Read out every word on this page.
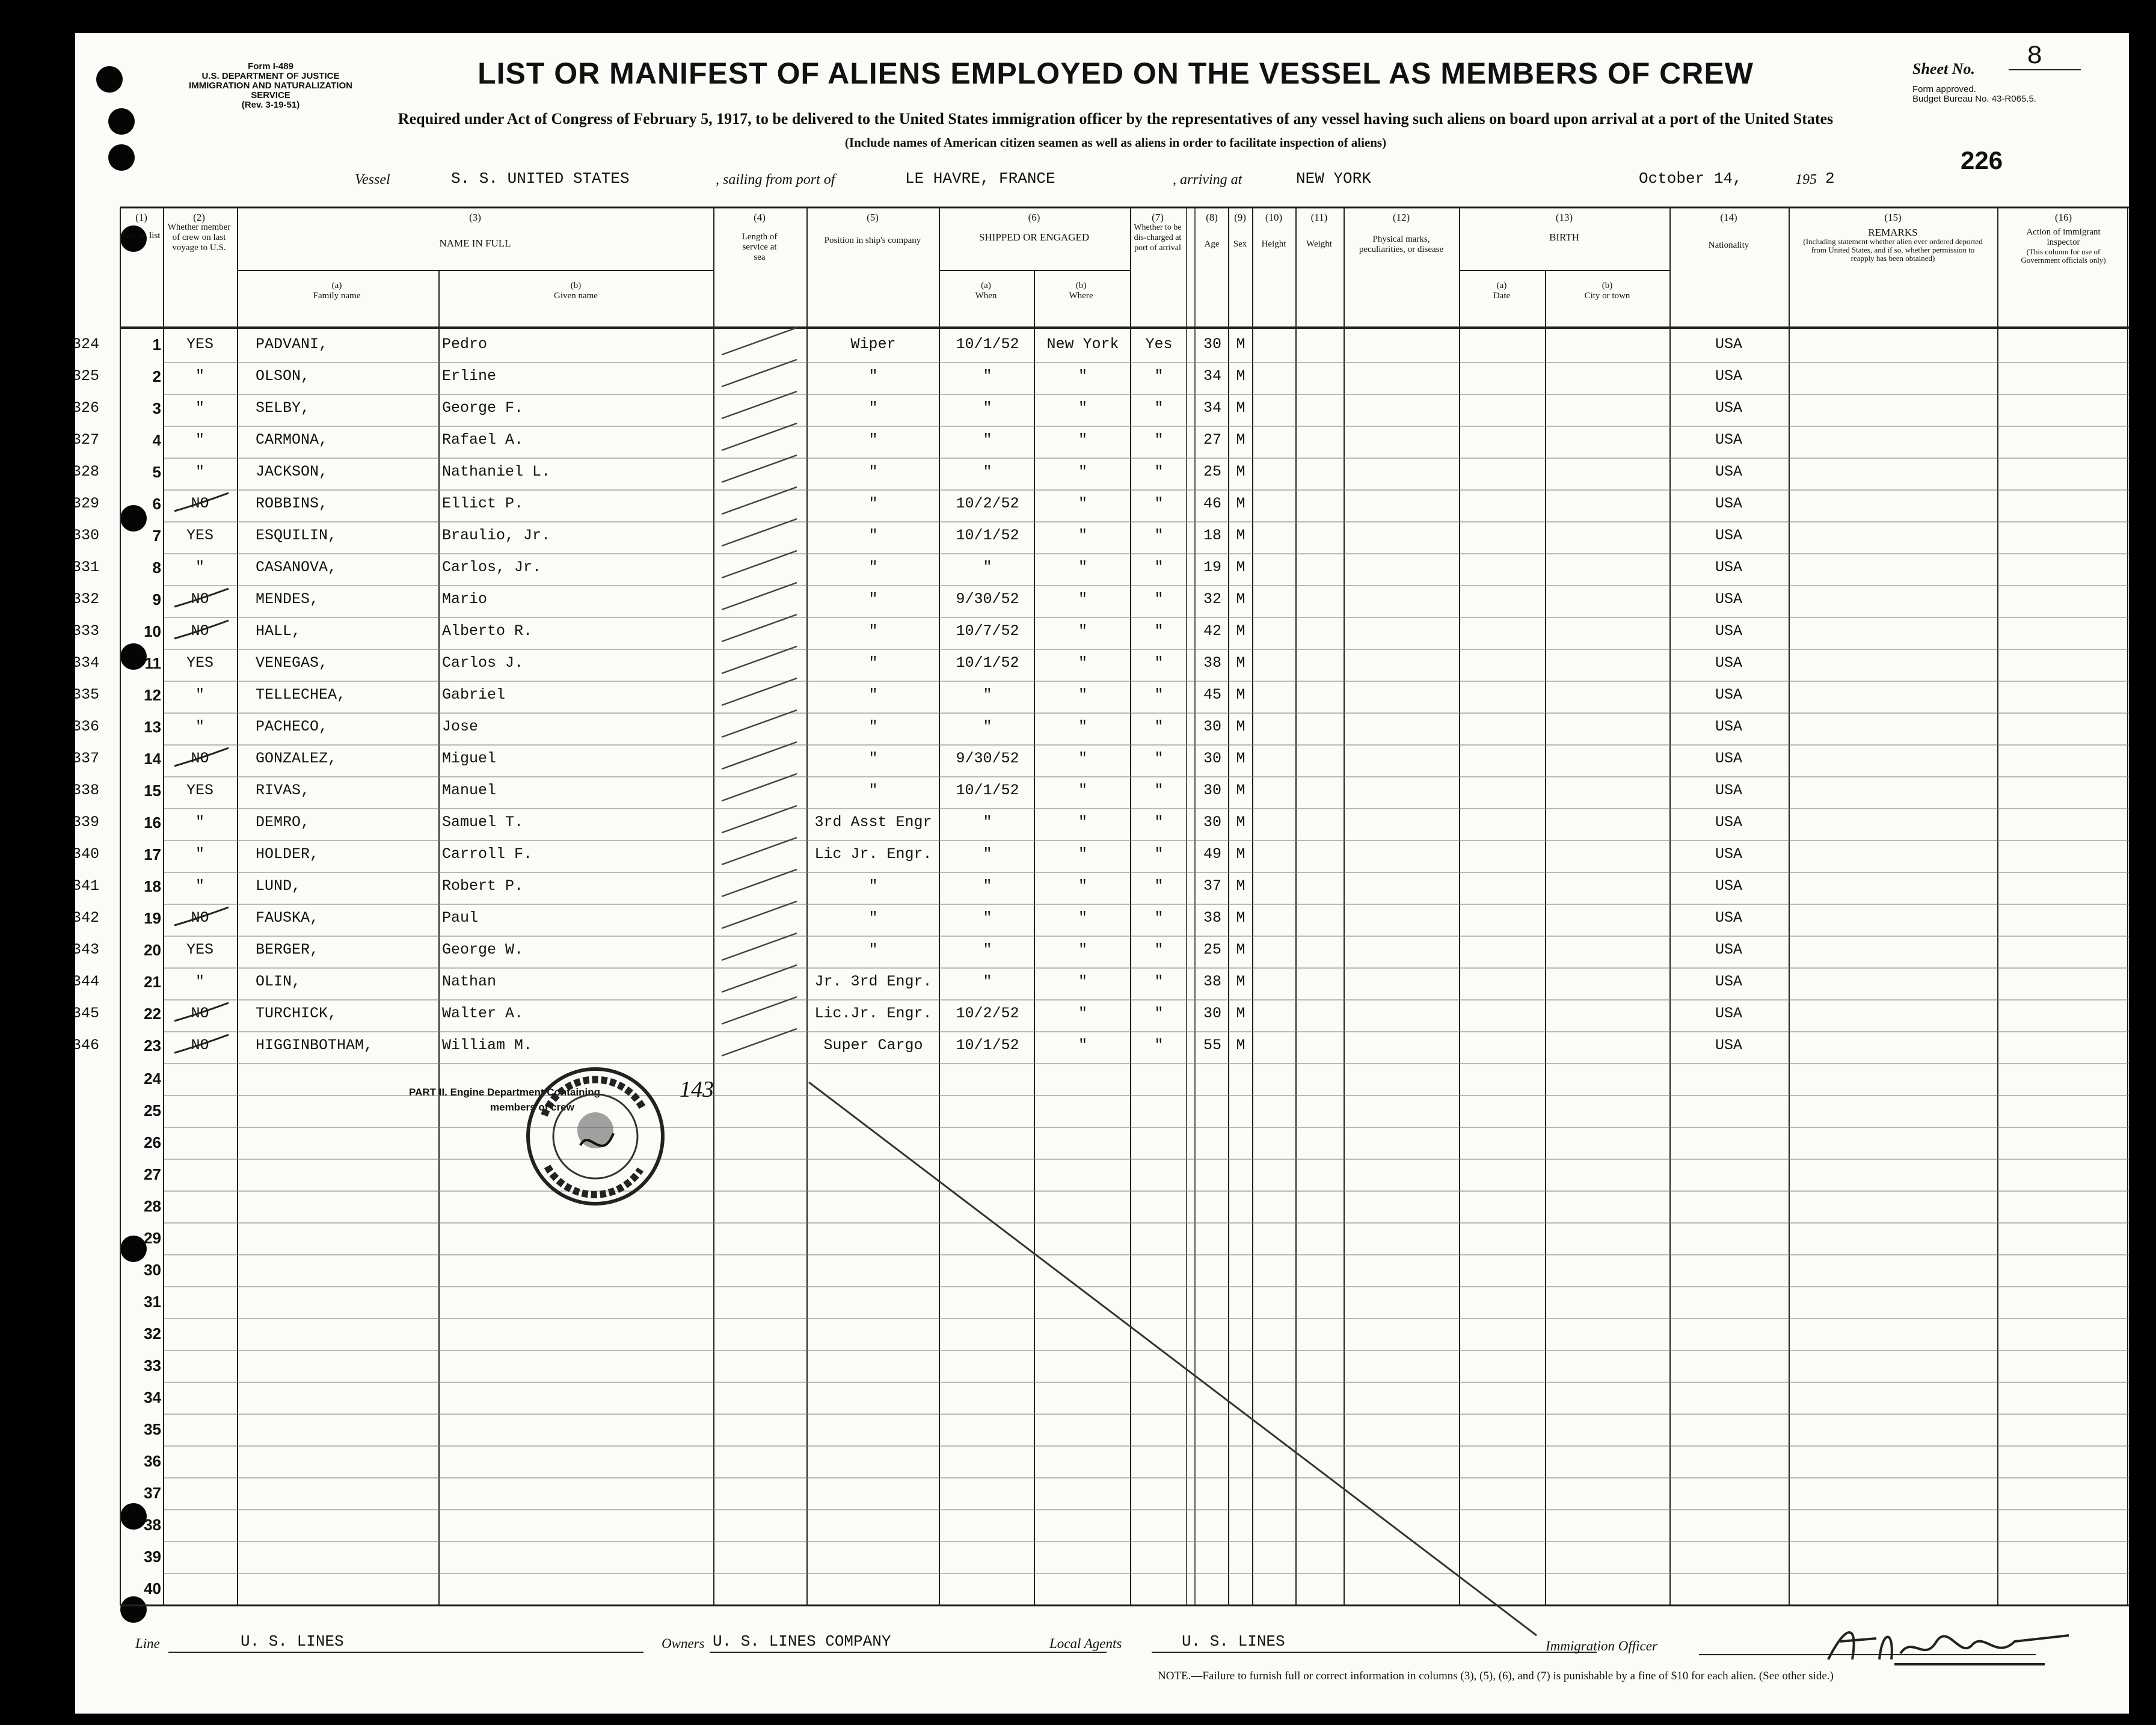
Form I-489
U.S. DEPARTMENT OF JUSTICE
IMMIGRATION AND NATURALIZATION SERVICE
(Rev. 3-19-51)
LIST OR MANIFEST OF ALIENS EMPLOYED ON THE VESSEL AS MEMBERS OF CREW
Required under Act of Congress of February 5, 1917, to be delivered to the United States immigration officer by the representatives of any vessel having such aliens on board upon arrival at a port of the United States
(Include names of American citizen seamen as well as aliens in order to facilitate inspection of aliens)
Sheet No. 8
Form approved.
Budget Bureau No. 43-R065.5.
226
Vessel	S. S. UNITED STATES	, sailing from port of	LE HAVRE, FRANCE	, arriving at	NEW YORK	October 14,	195 2
(1)
No. on list
(2)
Whether member of crew on last voyage to U.S.
(3)
NAME IN FULL
(a)
Family name
(b)
Given name
(4)
Length of service at sea
(5)
Position in ship's company
(6)
SHIPPED OR ENGAGED
(a)
When
(b)
Where
(7)
Whether to be dis-charged at port of arrival
(8)
Age
(9)
Sex
(10)
Height
(11)
Weight
(12)
Physical marks, peculiarities, or disease
(13)
BIRTH
(a)
Date
(b)
City or town
(14)
Nationality
(15)
REMARKS
(Including statement whether alien ever ordered deported from United States, and if so, whether permission to reapply has been obtained)
(16)
Action of immigrant inspector
(This column for use of Government officials only)
324	1	YES	PADVANI,	Pedro	Wiper	10/1/52	New York	Yes	30 M	USA
325	2	"	OLSON,	Erline	"	"	"	"	34 M	USA
326	3	"	SELBY,	George F.	"	"	"	"	34 M	USA
327	4	"	CARMONA,	Rafael A.	"	"	"	"	27 M	USA
328	5	"	JACKSON,	Nathaniel L.	"	"	"	"	25 M	USA
329	6	NO	ROBBINS,	Ellict P.	"	10/2/52	"	"	46 M	USA
330	7	YES	ESQUILIN,	Braulio, Jr.	"	10/1/52	"	"	18 M	USA
331	8	"	CASANOVA,	Carlos, Jr.	"	"	"	"	19 M	USA
332	9	NO	MENDES,	Mario	"	9/30/52	"	"	32 M	USA
333	10	NO	HALL,	Alberto R.	"	10/7/52	"	"	42 M	USA
334	11	YES	VENEGAS,	Carlos J.	"	10/1/52	"	"	38 M	USA
335	12	"	TELLECHEA,	Gabriel	"	"	"	"	45 M	USA
336	13	"	PACHECO,	Jose	"	"	"	"	30 M	USA
337	14	NO	GONZALEZ,	Miguel	"	9/30/52	"	"	30 M	USA
338	15	YES	RIVAS,	Manuel	"	10/1/52	"	"	30 M	USA
339	16	"	DEMRO,	Samuel T.	3rd Asst Engr	"	"	"	30 M	USA
340	17	"	HOLDER,	Carroll F.	Lic Jr. Engr.	"	"	"	49 M	USA
341	18	"	LUND,	Robert P.	"	"	"	"	37 M	USA
342	19	NO	FAUSKA,	Paul	"	"	"	"	38 M	USA
343	20	YES	BERGER,	George W.	"	"	"	"	25 M	USA
344	21	"	OLIN,	Nathan	Jr. 3rd Engr.	"	"	"	38 M	USA
345	22	NO	TURCHICK,	Walter A.	Lic.Jr. Engr.	10/2/52	"	"	30 M	USA
346	23	NO	HIGGINBOTHAM,	William M.	Super Cargo	10/1/52	"	"	55 M	USA
24
25
26
27
28
29
30
31
32
33
34
35
36
37
38
39
40
PART II. Engine Department Containing
members of crew
143
Line	U. S. LINES	Owners U. S. LINES COMPANY	Local Agents	U. S. LINES	Immigration Officer
NOTE.—Failure to furnish full or correct information in columns (3), (5), (6), and (7) is punishable by a fine of $10 for each alien. (See other side.)
